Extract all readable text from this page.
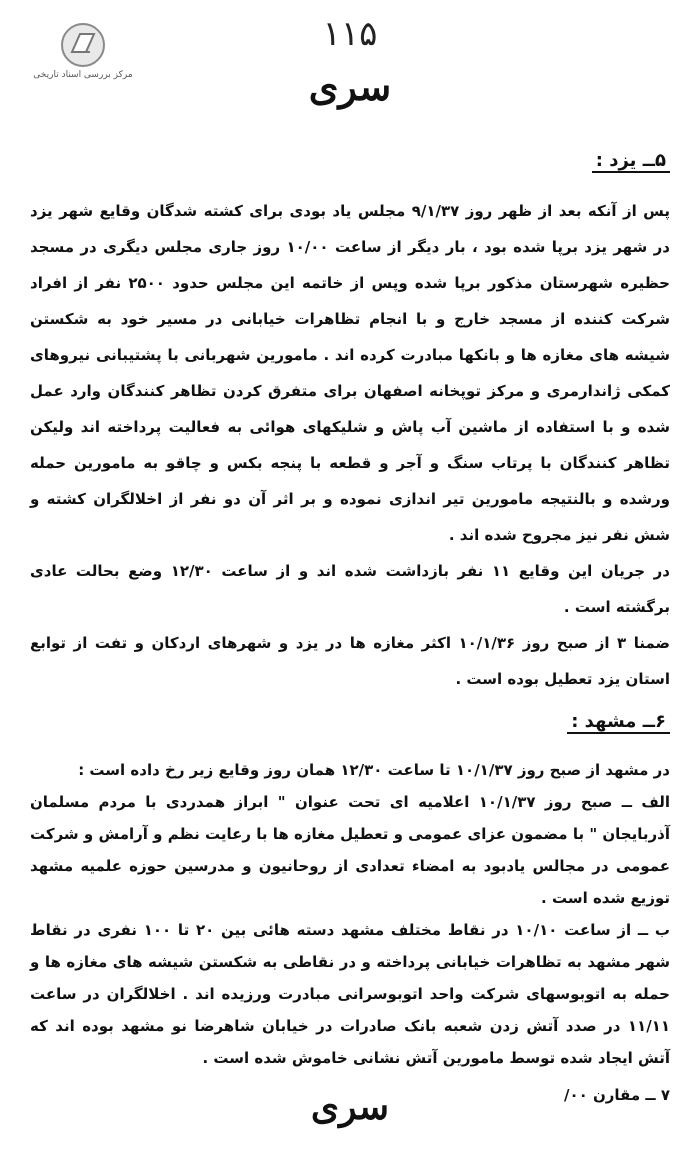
مرکز بررسی اسناد تاریخی
۱۱۵
سری
۵ــ یزد :

پس از آنکه بعد از ظهر روز ۹/۱/۳۷ مجلس یاد بودی برای کشته شدگان وقایع شهر یزد در شهر یزد برپا شده بود ، بار دیگر از ساعت ۱۰/۰۰ روز جاری مجلس دیگری در مسجد حظیره شهرستان مذکور برپا شده وپس از خاتمه این مجلس حدود ۲۵۰۰ نفر از افراد شرکت کننده از مسجد خارج و با انجام تظاهرات خیابانی در مسیر خود به شکستن شیشه های مغازه ها و بانکها مبادرت کرده اند . مامورین شهربانی با پشتیبانی نیروهای کمکی ژاندارمری و مرکز توپخانه اصفهان برای متفرق کردن تظاهر کنندگان وارد عمل شده و با استفاده از ماشین آب پاش و شلیکهای هوائی به فعالیت پرداخته اند ولیکن تظاهر کنندگان با پرتاب سنگ و آجر و قطعه با پنجه بکس و چاقو به مامورین حمله ورشده و بالنتیجه مامورین تیر اندازی نموده و بر اثر آن دو نفر از اخلالگران کشته و شش نفر نیز مجروح شده اند .

در جریان این وقایع ۱۱ نفر بازداشت شده اند و از ساعت ۱۲/۳۰ وضع بحالت عادی برگشته است .

ضمنا ۳ از صبح روز ۱۰/۱/۳۶ اکثر مغازه ها در یزد و شهرهای اردکان و تفت از توابع استان یزد تعطیل بوده است .

۶ــ مشهد :

در مشهد از صبح روز ۱۰/۱/۳۷ تا ساعت ۱۲/۳۰ همان روز وقایع زیر رخ داده است :

الف ــ صبح روز ۱۰/۱/۳۷ اعلامیه ای تحت عنوان " ابراز همدردی با مردم مسلمان آذربایجان " با مضمون عزای عمومی و تعطیل مغازه ها با رعایت نظم و آرامش و شرکت عمومی در مجالس یادبود به امضاء تعدادی از روحانیون و مدرسین حوزه علمیه مشهد توزیع شده است .

ب ــ از ساعت ۱۰/۱۰ در نقاط مختلف مشهد دسته هائی بین ۲۰ تا ۱۰۰ نفری در نقاط شهر مشهد به تظاهرات خیابانی پرداخته و در نقاطی به شکستن شیشه های مغازه ها و حمله به اتوبوسهای شرکت واحد اتوبوسرانی مبادرت ورزیده اند . اخلالگران در ساعت ۱۱/۱۱ در صدد آتش زدن شعبه بانک صادرات در خیابان شاهرضا نو مشهد بوده اند که آتش ایجاد شده توسط مامورین آتش نشانی خاموش شده است .

۷ ــ مقارن ۰۰/

سری
